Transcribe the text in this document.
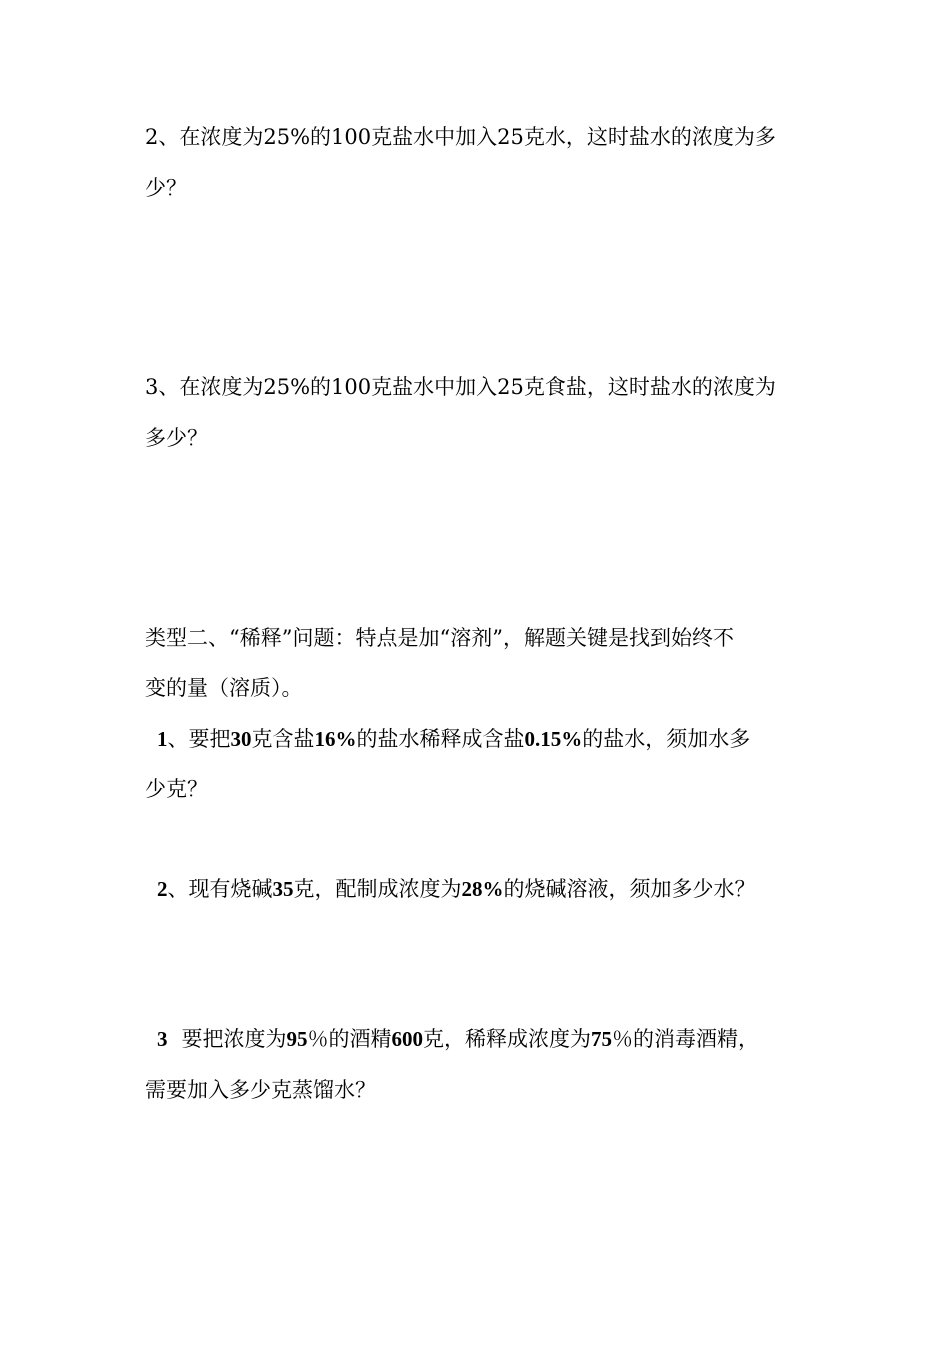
2、在浓度为25%的100克盐水中加入25克水，这时盐水的浓度为多
少？
3、在浓度为25%的100克盐水中加入25克食盐，这时盐水的浓度为
多少？
类型二、“稀释”问题：特点是加“溶剂”，解题关键是找到始终不
变的量（溶质）。
1、要把30克含盐16%的盐水稀释成含盐0.15%的盐水，须加水多
少克？
2、现有烧碱35克，配制成浓度为28%的烧碱溶液，须加多少水？
3 要把浓度为95％的酒精600克，稀释成浓度为75％的消毒酒精，
需要加入多少克蒸馏水？
